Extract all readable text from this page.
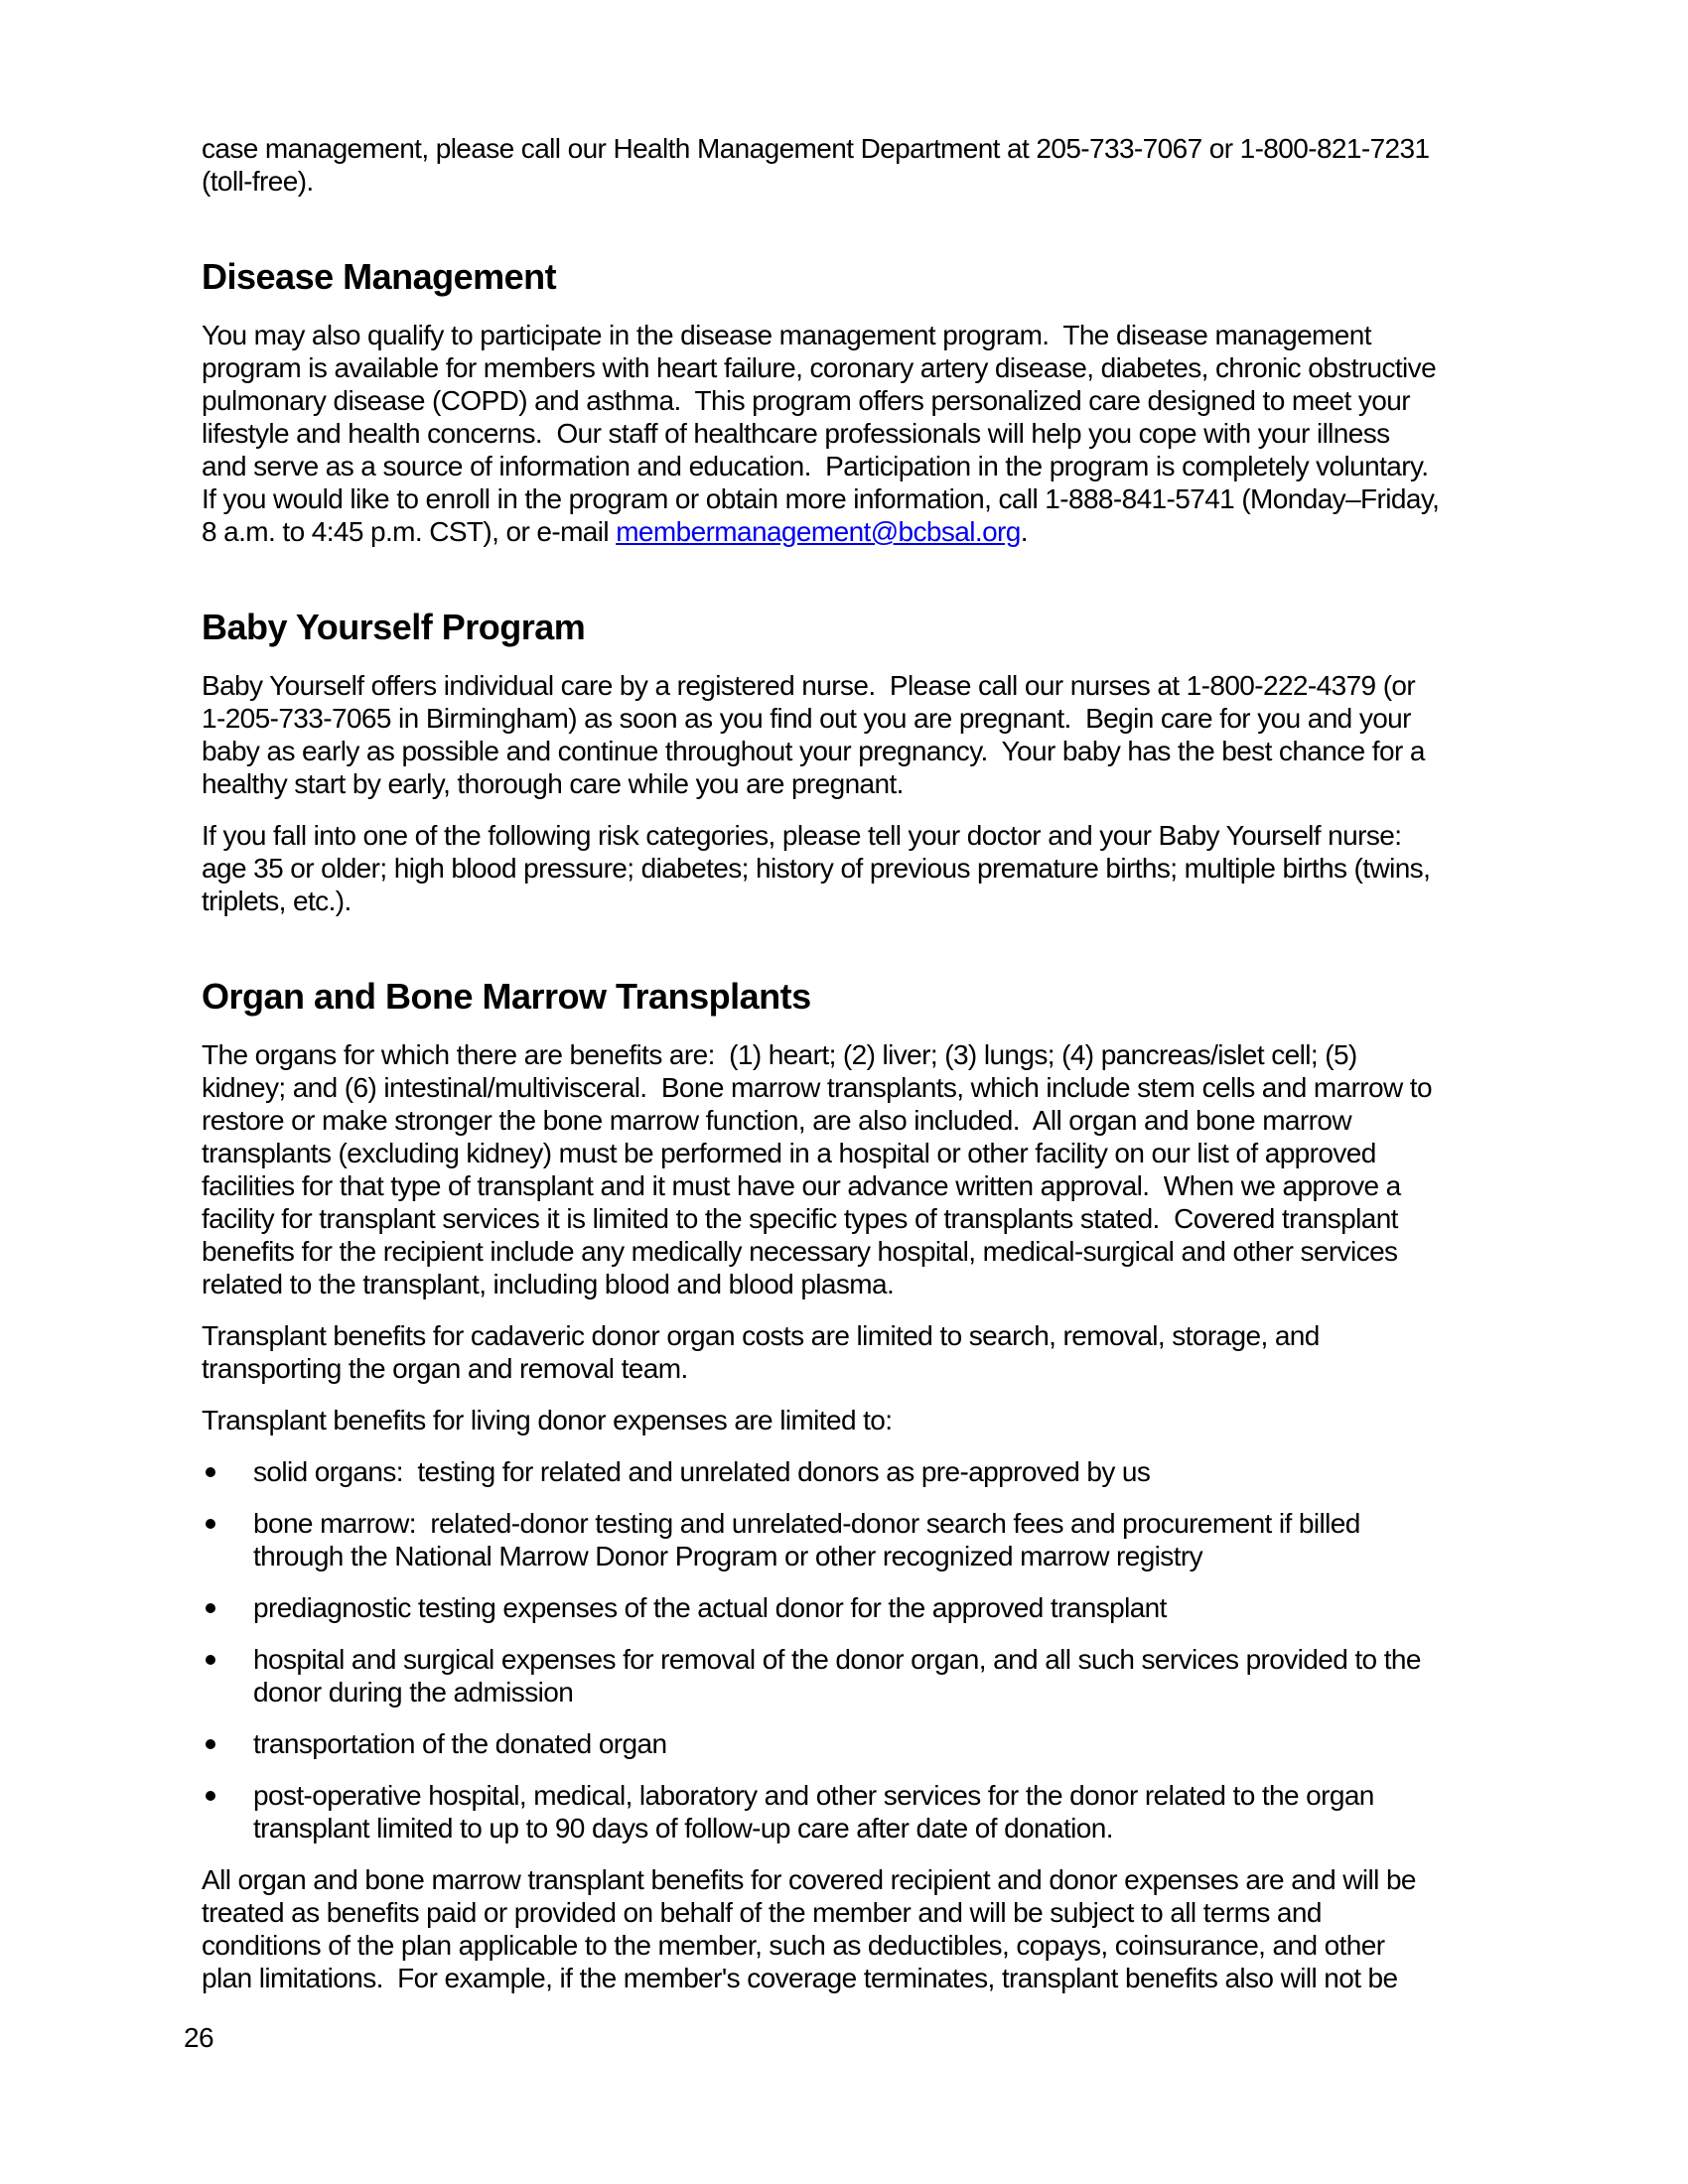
case management, please call our Health Management Department at 205-733-7067 or 1-800-821-7231 (toll-free).

Disease Management

You may also qualify to participate in the disease management program.  The disease management program is available for members with heart failure, coronary artery disease, diabetes, chronic obstructive pulmonary disease (COPD) and asthma.  This program offers personalized care designed to meet your lifestyle and health concerns.  Our staff of healthcare professionals will help you cope with your illness and serve as a source of information and education.  Participation in the program is completely voluntary. If you would like to enroll in the program or obtain more information, call 1-888-841-5741 (Monday–Friday, 8 a.m. to 4:45 p.m. CST), or e-mail membermanagement@bcbsal.org.

Baby Yourself Program

Baby Yourself offers individual care by a registered nurse.  Please call our nurses at 1-800-222-4379 (or 1-205-733-7065 in Birmingham) as soon as you find out you are pregnant.  Begin care for you and your baby as early as possible and continue throughout your pregnancy.  Your baby has the best chance for a healthy start by early, thorough care while you are pregnant.

If you fall into one of the following risk categories, please tell your doctor and your Baby Yourself nurse: age 35 or older; high blood pressure; diabetes; history of previous premature births; multiple births (twins, triplets, etc.).

Organ and Bone Marrow Transplants

The organs for which there are benefits are:  (1) heart; (2) liver; (3) lungs; (4) pancreas/islet cell; (5) kidney; and (6) intestinal/multivisceral.  Bone marrow transplants, which include stem cells and marrow to restore or make stronger the bone marrow function, are also included.  All organ and bone marrow transplants (excluding kidney) must be performed in a hospital or other facility on our list of approved facilities for that type of transplant and it must have our advance written approval.  When we approve a facility for transplant services it is limited to the specific types of transplants stated.  Covered transplant benefits for the recipient include any medically necessary hospital, medical-surgical and other services related to the transplant, including blood and blood plasma.

Transplant benefits for cadaveric donor organ costs are limited to search, removal, storage, and transporting the organ and removal team.

Transplant benefits for living donor expenses are limited to:

solid organs:  testing for related and unrelated donors as pre-approved by us
bone marrow:  related-donor testing and unrelated-donor search fees and procurement if billed through the National Marrow Donor Program or other recognized marrow registry
prediagnostic testing expenses of the actual donor for the approved transplant
hospital and surgical expenses for removal of the donor organ, and all such services provided to the donor during the admission
transportation of the donated organ
post-operative hospital, medical, laboratory and other services for the donor related to the organ transplant limited to up to 90 days of follow-up care after date of donation.

All organ and bone marrow transplant benefits for covered recipient and donor expenses are and will be treated as benefits paid or provided on behalf of the member and will be subject to all terms and conditions of the plan applicable to the member, such as deductibles, copays, coinsurance, and other plan limitations.  For example, if the member's coverage terminates, transplant benefits also will not be

26
